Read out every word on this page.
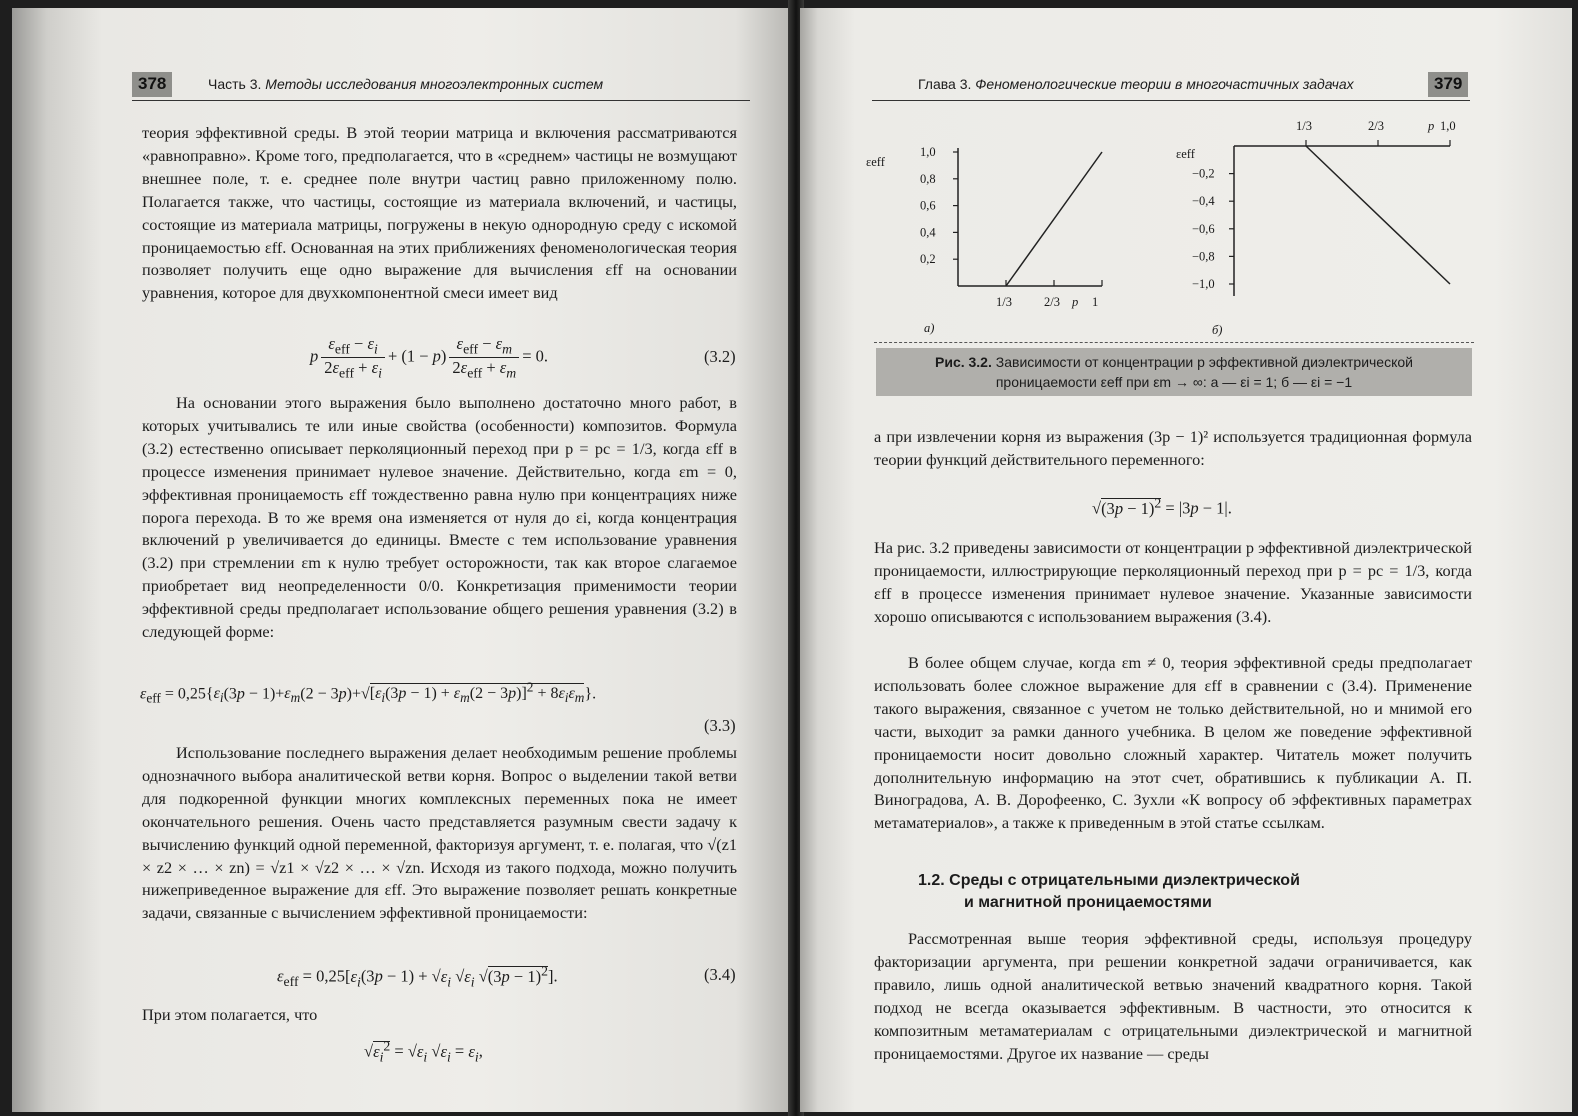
378	Часть 3. Методы исследования многоэлектронных систем

теория эффективной среды. В этой теории матрица и включения рассматриваются «равноправно». Кроме того, предполагается, что в «среднем» частицы не возмущают внешнее поле, т. е. среднее поле внутри частиц равно приложенному полю. Полагается также, что частицы, состоящие из материала включений, и частицы, состоящие из материала матрицы, погружены в некую однородную среду с искомой проницаемостью εff. Основанная на этих приближениях феноменологическая теория позволяет получить еще одно выражение для вычисления εff на основании уравнения, которое для двухкомпонентной смеси имеет вид

p $\frac{\varepsilon_{eff} - \varepsilon_i}{2\varepsilon_{eff} + \varepsilon_i} + (1 - p) \frac{\varepsilon_{eff} - \varepsilon_m}{2\varepsilon_{eff} + \varepsilon_m} = 0$.	(3.2)

На основании этого выражения было выполнено достаточно много работ, в которых учитывались те или иные свойства (особенности) композитов. Формула (3.2) естественно описывает перколяционный переход при p = pc = 1/3, когда εff в процессе изменения принимает нулевое значение. Действительно, когда εm = 0, эффективная проницаемость εff тождественно равна нулю при концентрациях ниже порога перехода. В то же время она изменяется от нуля до εi, когда концентрация включений p увеличивается до единицы. Вместе с тем использование уравнения (3.2) при стремлении εm к нулю требует осторожности, так как второе слагаемое приобретает вид неопределенности 0/0. Конкретизация применимости теории эффективной среды предполагает использование общего решения уравнения (3.2) в следующей форме:

$\varepsilon_{eff} = 0,25\{\varepsilon_i(3p - 1)+\varepsilon_m(2 - 3p)+√[\varepsilon_i(3p - 1) + \varepsilon_m(2 - 3p)]^2 + 8\varepsilon_i\varepsilon_m\}$.
(3.3)

Использование последнего выражения делает необходимым решение проблемы однозначного выбора аналитической ветви корня. Вопрос о выделении такой ветви для подкоренной функции многих комплексных переменных пока не имеет окончательного решения. Очень часто представляется разумным свести задачу к вычислению функций одной переменной, факторизуя аргумент, т. е. полагая, что √(z1 × z2 × … × zn) = √z1 × √z2 × … × √zn. Исходя из такого подхода, можно получить нижеприведенное выражение для εff. Это выражение позволяет решать конкретные задачи, связанные с вычислением эффективной проницаемости:

$\varepsilon_{eff} = 0,25[\varepsilon_i(3p - 1) + √\varepsilon_i$ $√\varepsilon_i$ $√(3p - 1)^2$].	(3.4)

При этом полагается, что

$√\varepsilon_i^2 = √\varepsilon_i$ $√\varepsilon_i = \varepsilon_i$,
Глава 3. Феноменологические теории в многочастичных задачах	379
εeff
1,0
0,8
0,6
0,4
0,2
1/3	2/3	1
p
а)
εeff
−0,2
−0,4
−0,6
−0,8
−1,0
1/3	2/3	1,0
p
б)
Рис. 3.2. Зависимости от концентрации p эффективной диэлектрической проницаемости εeff при εm → ∞: а — εi = 1; б — εi = −1

а при извлечении корня из выражения (3p − 1)² используется традиционная формула теории функций действительного переменного:

$√(3p - 1)^2 = |3p - 1|$.

На рис. 3.2 приведены зависимости от концентрации p эффективной диэлектрической проницаемости, иллюстрирующие перколяционный переход при p = pc = 1/3, когда εff в процессе изменения принимает нулевое значение. Указанные зависимости хорошо описываются с использованием выражения (3.4).

В более общем случае, когда εm ≠ 0, теория эффективной среды предполагает использовать более сложное выражение для εff в сравнении с (3.4). Применение такого выражения, связанное с учетом не только действительной, но и мнимой его части, выходит за рамки данного учебника. В целом же поведение эффективной проницаемости носит довольно сложный характер. Читатель может получить дополнительную информацию на этот счет, обратившись к публикации А. П. Виноградова, А. В. Дорофеенко, С. Зухли «К вопросу об эффективных параметрах метаматериалов», а также к приведенным в этой статье ссылкам.

1.2. Среды с отрицательными диэлектрической
и магнитной проницаемостями

Рассмотренная выше теория эффективной среды, используя процедуру факторизации аргумента, при решении конкретной задачи ограничивается, как правило, лишь одной аналитической ветвью значений квадратного корня. Такой подход не всегда оказывается эффективным. В частности, это относится к композитным метаматериалам с отрицательными диэлектрической и магнитной проницаемостями. Другое их название — среды
